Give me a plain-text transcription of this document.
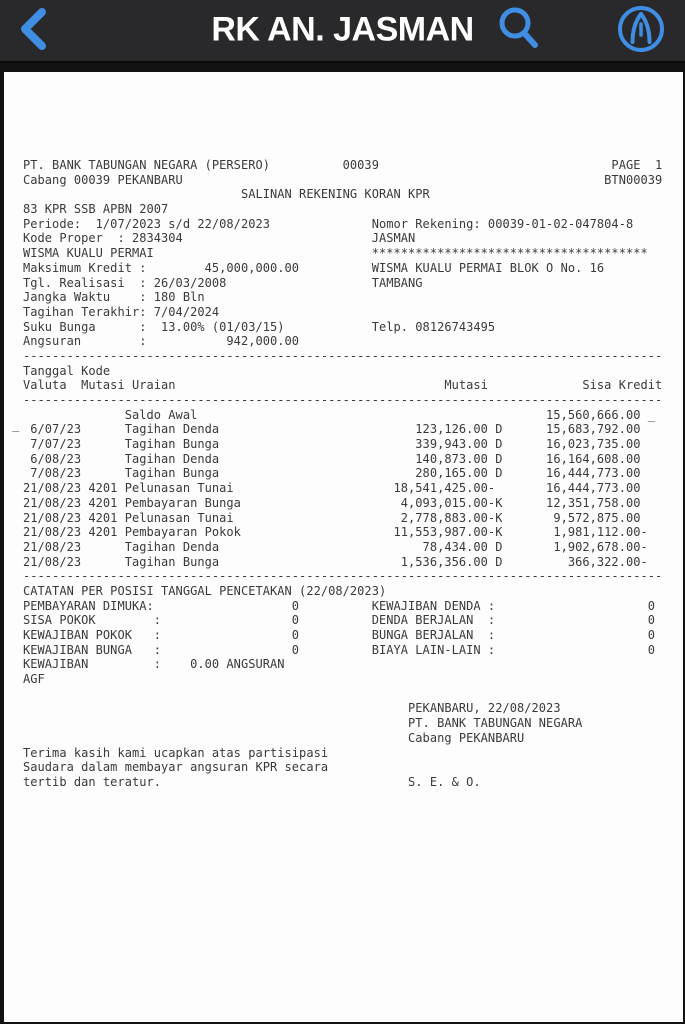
RK AN. JASMAN
PT. BANK TABUNGAN NEGARA (PERSERO)          00039                                PAGE  1
Cabang 00039 PEKANBARU                                                          BTN00039
SALINAN REKENING KORAN KPR
83 KPR SSB APBN 2007
Periode:  1/07/2023 s/d 22/08/2023              Nomor Rekening: 00039-01-02-047804-8
Kode Proper  : 2834304                          JASMAN
WISMA KUALU PERMAI                              **************************************
Maksimum Kredit :        45,000,000.00          WISMA KUALU PERMAI BLOK O No. 16
Tgl. Realisasi  : 26/03/2008                    TAMBANG
Jangka Waktu    : 180 Bln
Tagihan Terakhir: 7/04/2024
Suku Bunga      :  13.00% (01/03/15)            Telp. 08126743495
Angsuran        :           942,000.00
----------------------------------------------------------------------------------------
Tanggal Kode
Valuta  Mutasi Uraian                                     Mutasi             Sisa Kredit
----------------------------------------------------------------------------------------
Saldo Awal                                                15,560,666.00 _
6/07/23      Tagihan Denda                           123,126.00 D      15,683,792.00
7/07/23      Tagihan Bunga                           339,943.00 D      16,023,735.00
6/08/23      Tagihan Denda                           140,873.00 D      16,164,608.00
7/08/23      Tagihan Bunga                           280,165.00 D      16,444,773.00
21/08/23 4201 Pelunasan Tunai                      18,541,425.00-       16,444,773.00
21/08/23 4201 Pembayaran Bunga                      4,093,015.00-K      12,351,758.00
21/08/23 4201 Pelunasan Tunai                       2,778,883.00-K       9,572,875.00
21/08/23 4201 Pembayaran Pokok                     11,553,987.00-K       1,981,112.00-
21/08/23      Tagihan Denda                            78,434.00 D       1,902,678.00-
21/08/23      Tagihan Bunga                         1,536,356.00 D         366,322.00-
----------------------------------------------------------------------------------------
CATATAN PER POSISI TANGGAL PENCETAKAN (22/08/2023)
PEMBAYARAN DIMUKA:                   0          KEWAJIBAN DENDA :                     0
SISA POKOK        :                  0          DENDA BERJALAN  :                     0
KEWAJIBAN POKOK   :                  0          BUNGA BERJALAN  :                     0
KEWAJIBAN BUNGA   :                  0          BIAYA LAIN-LAIN :                     0
KEWAJIBAN         :    0.00 ANGSURAN
AGF

PEKANBARU, 22/08/2023
PT. BANK TABUNGAN NEGARA
Cabang PEKANBARU
Terima kasih kami ucapkan atas partisipasi
Saudara dalam membayar angsuran KPR secara
tertib dan teratur.                                  S. E. & O.
_
